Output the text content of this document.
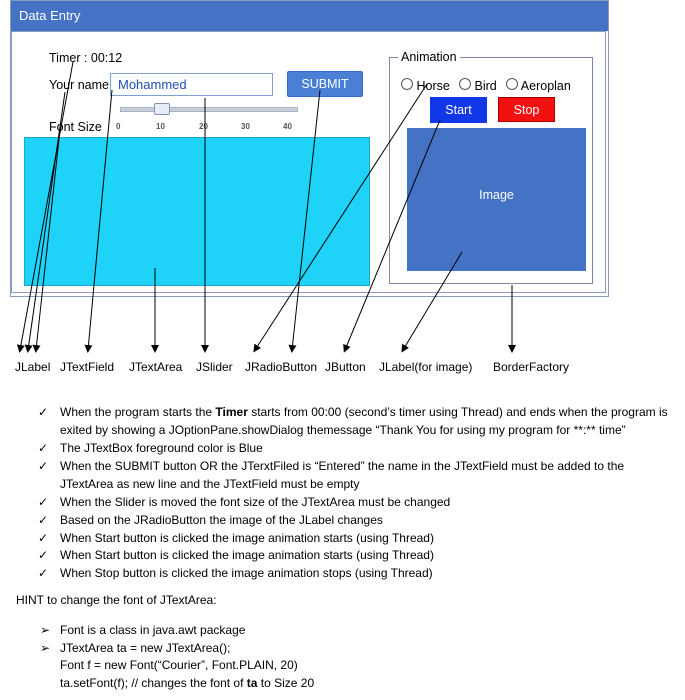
Data Entry
Timer : 00:12
Your name Mohammed	SUBMIT
Font Size 0	10	20	30	40
Animation
Horse	Bird	Aeroplan
Start	Stop
Image
JLabel JTextField JTextArea JSlider JRadioButton JButton JLabel(for image) BorderFactory
✓ When the program starts the Timer starts from 00:00 (second’s timer using Thread) and ends when the program is exited by showing a JOptionPane.showDialog themessage “Thank You for using my program for **:** time”
✓ The JTextBox foreground color is Blue
✓ When the SUBMIT button OR the JTerxtFiled is “Entered” the name in the JTextField must be added to the JTextArea as new line and the JTextField must be empty
✓ When the Slider is moved the font size of the JTextArea must be changed
✓ Based on the JRadioButton the image of the JLabel changes
✓ When Start button is clicked the image animation starts (using Thread)
✓ When Start button is clicked the image animation starts (using Thread)
✓ When Stop button is clicked the image animation stops (using Thread)
HINT to change the font of JTextArea:
➢ Font is a class in java.awt package
➢ JTextArea ta = new JTextArea();
Font f = new Font(“Courier”, Font.PLAIN, 20)
ta.setFont(f); // changes the font of ta to Size 20
